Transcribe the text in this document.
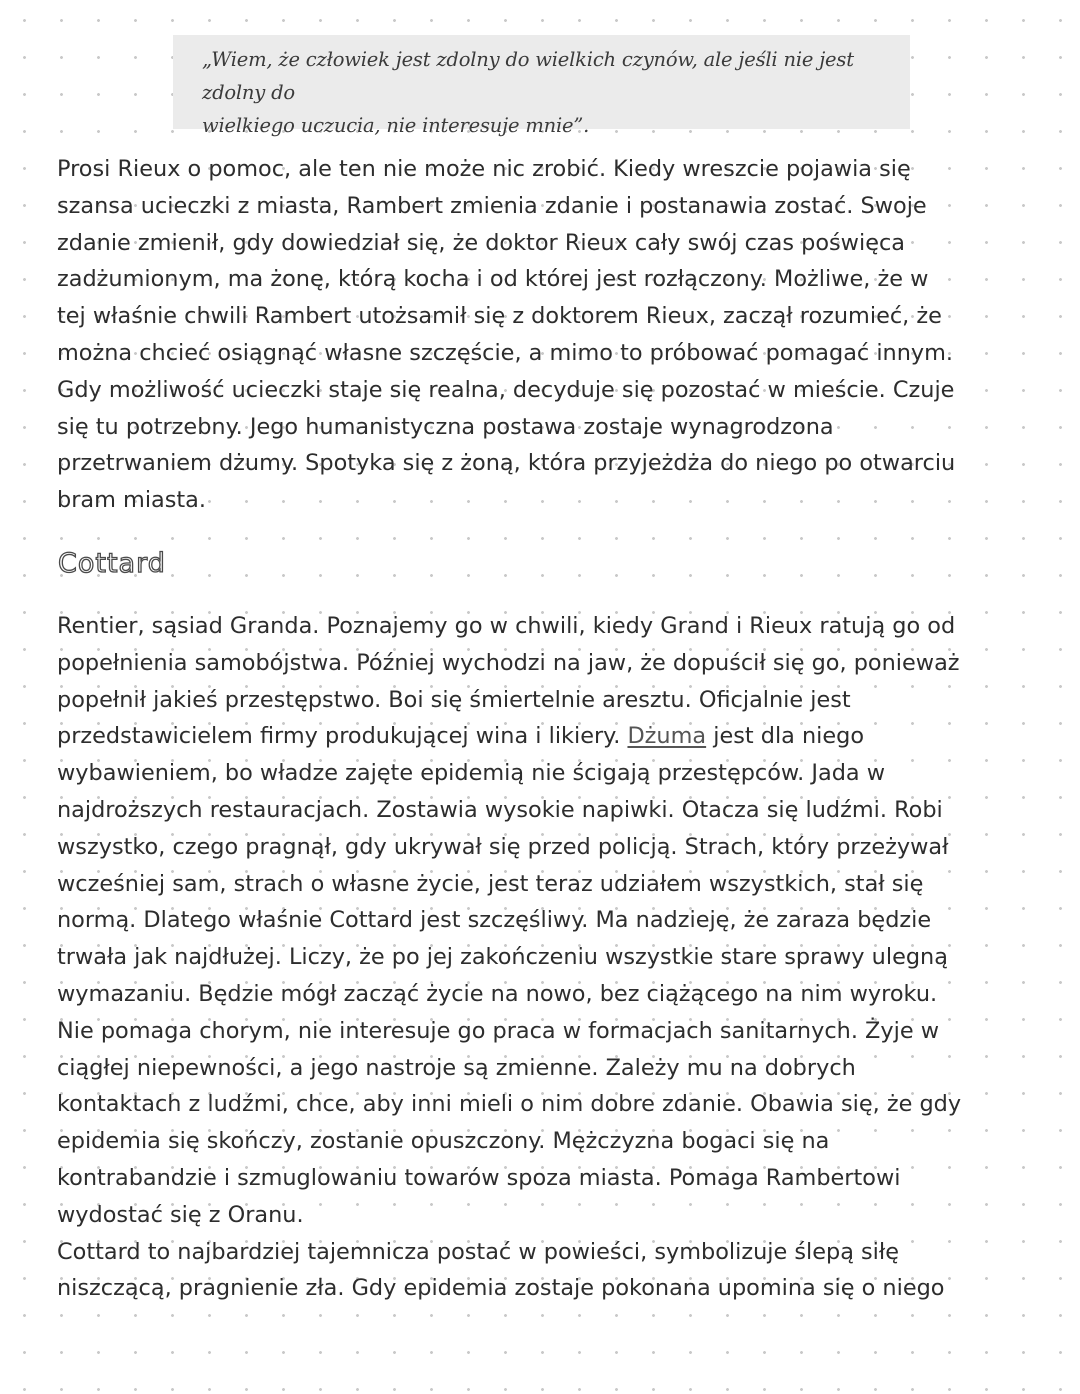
„Wiem, że człowiek jest zdolny do wielkich czynów, ale jeśli nie jest zdolny do
wielkiego uczucia, nie interesuje mnie”.

Prosi Rieux o pomoc, ale ten nie może nic zrobić. Kiedy wreszcie pojawia się
szansa ucieczki z miasta, Rambert zmienia zdanie i postanawia zostać. Swoje
zdanie zmienił, gdy dowiedział się, że doktor Rieux cały swój czas poświęca
zadżumionym, ma żonę, którą kocha i od której jest rozłączony. Możliwe, że w
tej właśnie chwili Rambert utożsamił się z doktorem Rieux, zaczął rozumieć, że
można chcieć osiągnąć własne szczęście, a mimo to próbować pomagać innym.
Gdy możliwość ucieczki staje się realna, decyduje się pozostać w mieście. Czuje
się tu potrzebny. Jego humanistyczna postawa zostaje wynagrodzona
przetrwaniem dżumy. Spotyka się z żoną, która przyjeżdża do niego po otwarciu
bram miasta.
Cottard
Rentier, sąsiad Granda. Poznajemy go w chwili, kiedy Grand i Rieux ratują go od
popełnienia samobójstwa. Później wychodzi na jaw, że dopuścił się go, ponieważ
popełnił jakieś przestępstwo. Boi się śmiertelnie aresztu. Oficjalnie jest
przedstawicielem firmy produkującej wina i likiery. Dżuma jest dla niego
wybawieniem, bo władze zajęte epidemią nie ścigają przestępców. Jada w
najdroższych restauracjach. Zostawia wysokie napiwki. Otacza się ludźmi. Robi
wszystko, czego pragnął, gdy ukrywał się przed policją. Strach, który przeżywał
wcześniej sam, strach o własne życie, jest teraz udziałem wszystkich, stał się
normą. Dlatego właśnie Cottard jest szczęśliwy. Ma nadzieję, że zaraza będzie
trwała jak najdłużej. Liczy, że po jej zakończeniu wszystkie stare sprawy ulegną
wymazaniu. Będzie mógł zacząć życie na nowo, bez ciążącego na nim wyroku.
Nie pomaga chorym, nie interesuje go praca w formacjach sanitarnych. Żyje w
ciągłej niepewności, a jego nastroje są zmienne. Zależy mu na dobrych
kontaktach z ludźmi, chce, aby inni mieli o nim dobre zdanie. Obawia się, że gdy
epidemia się skończy, zostanie opuszczony. Mężczyzna bogaci się na
kontrabandzie i szmuglowaniu towarów spoza miasta. Pomaga Rambertowi
wydostać się z Oranu.
Cottard to najbardziej tajemnicza postać w powieści, symbolizuje ślepą siłę
niszczącą, pragnienie zła. Gdy epidemia zostaje pokonana upomina się o niego
